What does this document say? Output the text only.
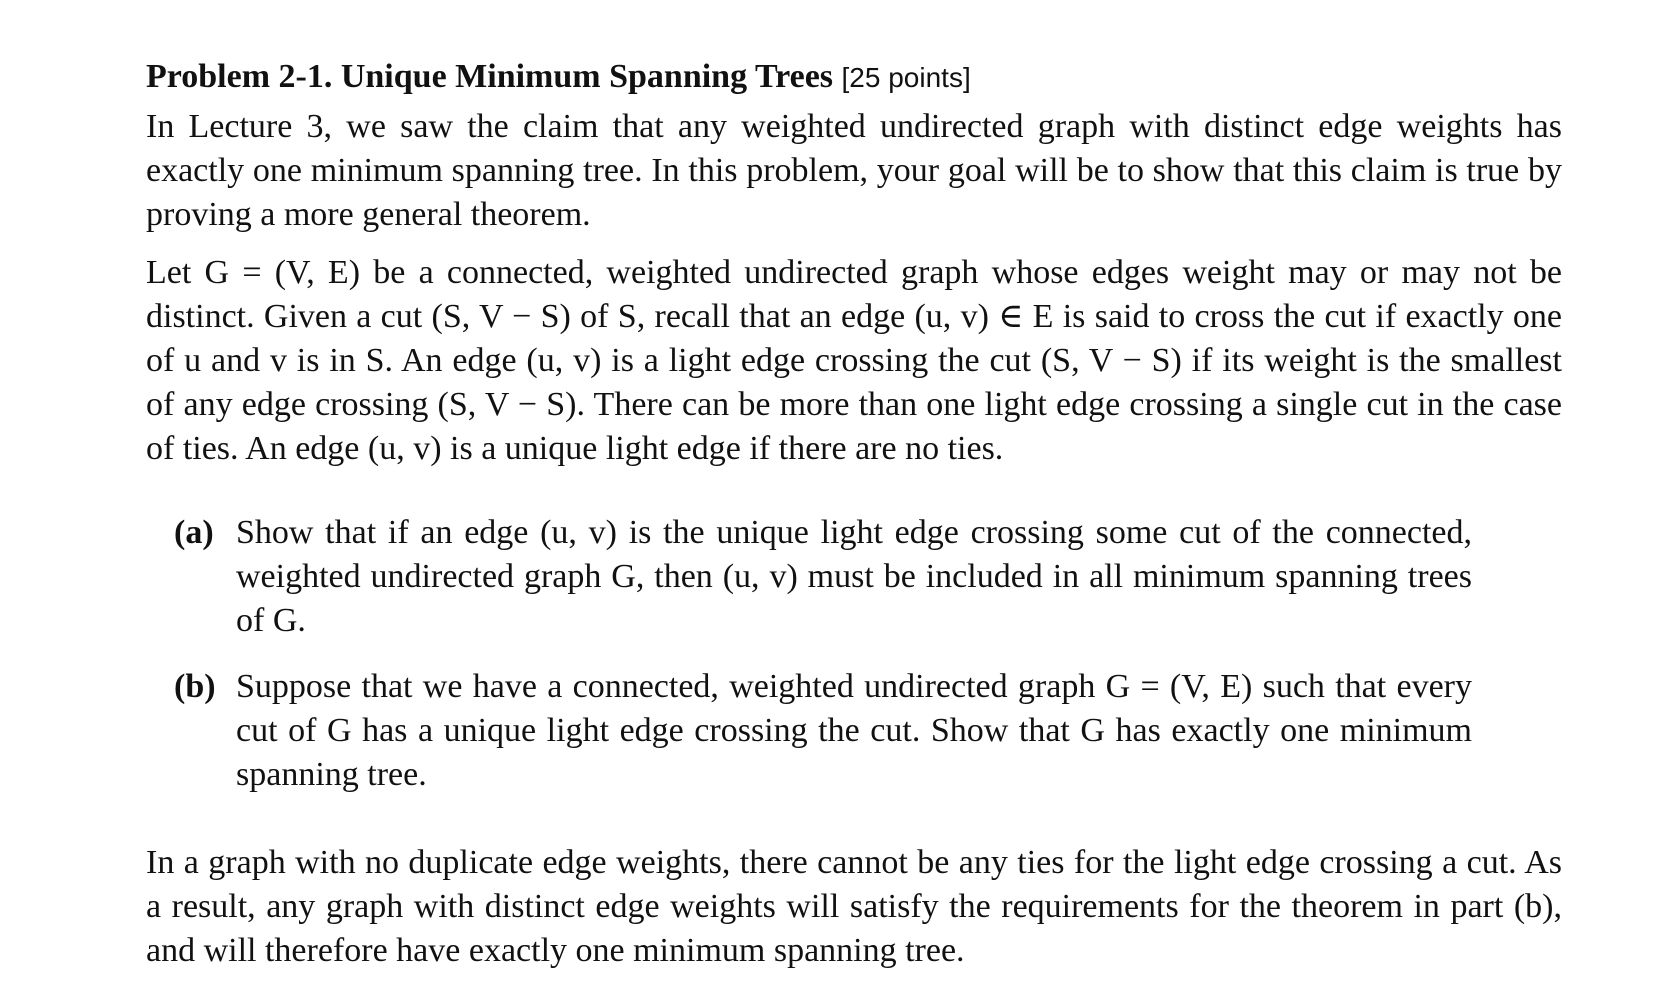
Problem 2-1. Unique Minimum Spanning Trees [25 points]

In Lecture 3, we saw the claim that any weighted undirected graph with distinct edge weights has exactly one minimum spanning tree. In this problem, your goal will be to show that this claim is true by proving a more general theorem.

Let G = (V, E) be a connected, weighted undirected graph whose edges weight may or may not be distinct. Given a cut (S, V − S) of S, recall that an edge (u, v) ∈ E is said to cross the cut if exactly one of u and v is in S. An edge (u, v) is a light edge crossing the cut (S, V − S) if its weight is the smallest of any edge crossing (S, V − S). There can be more than one light edge crossing a single cut in the case of ties. An edge (u, v) is a unique light edge if there are no ties.

(a) Show that if an edge (u, v) is the unique light edge crossing some cut of the connected, weighted undirected graph G, then (u, v) must be included in all minimum spanning trees of G.
(b) Suppose that we have a connected, weighted undirected graph G = (V, E) such that every cut of G has a unique light edge crossing the cut. Show that G has exactly one minimum spanning tree.

In a graph with no duplicate edge weights, there cannot be any ties for the light edge crossing a cut. As a result, any graph with distinct edge weights will satisfy the requirements for the theorem in part (b), and will therefore have exactly one minimum spanning tree.
